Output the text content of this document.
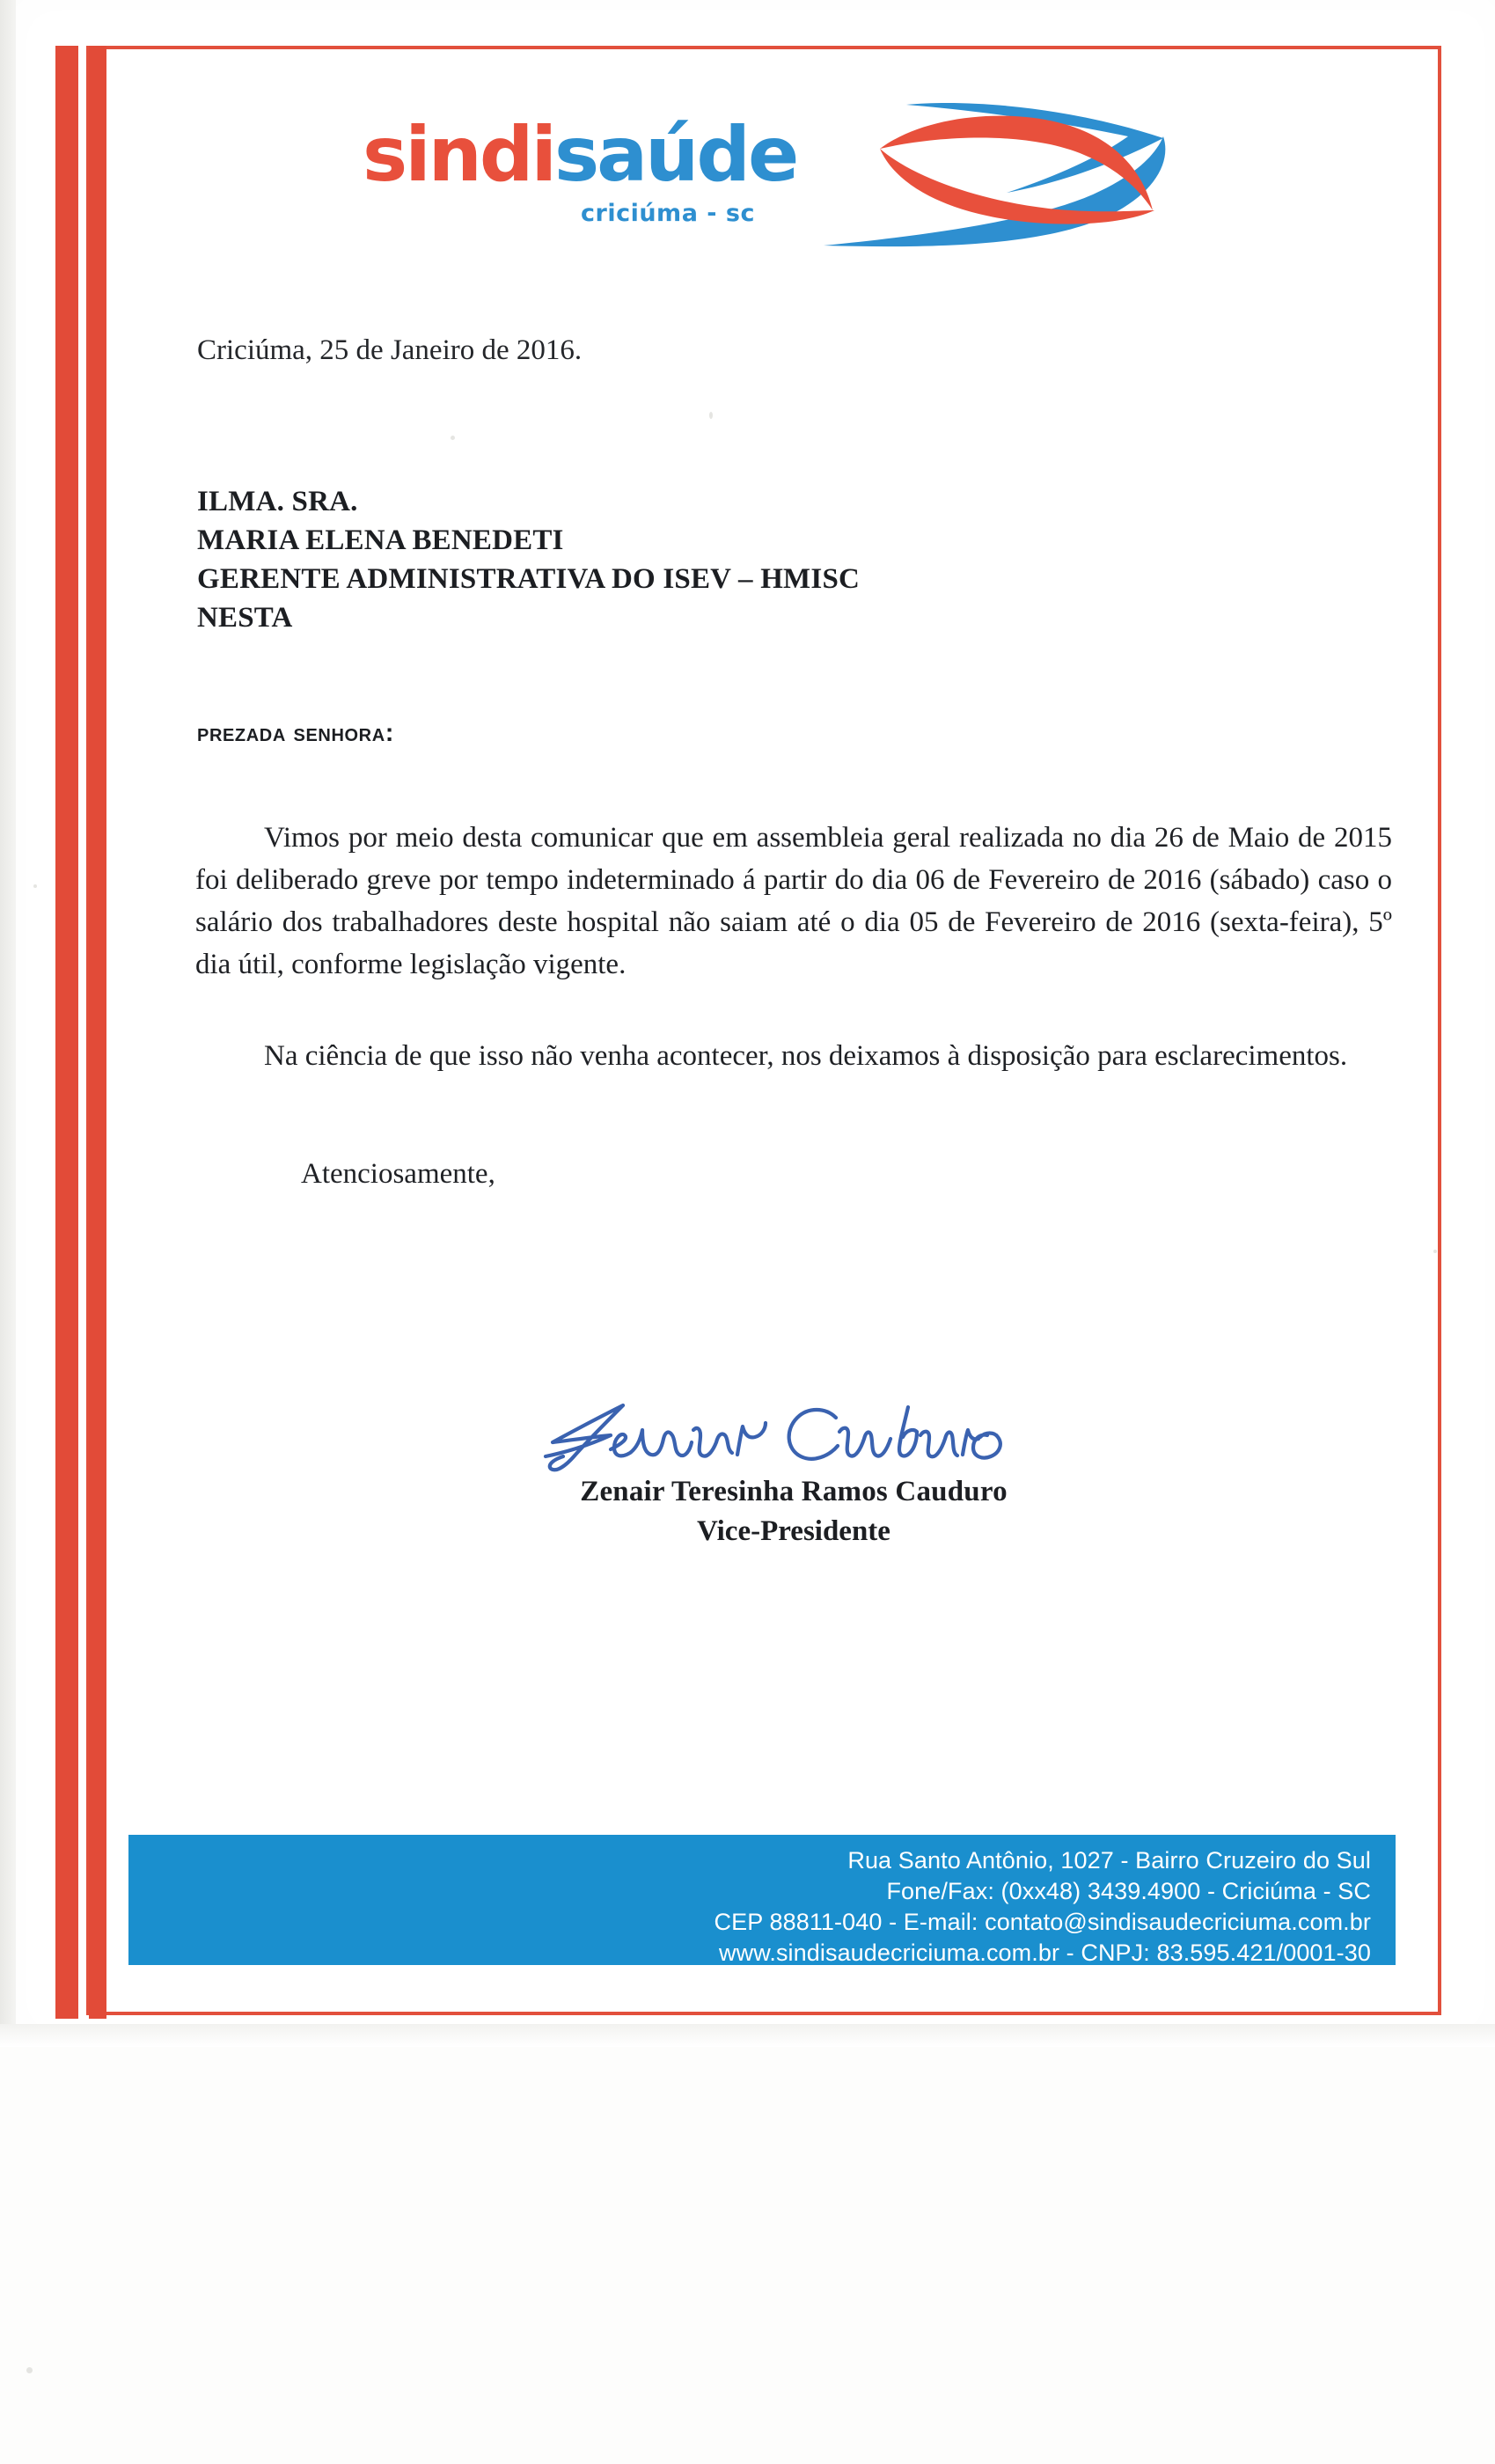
sindisaúde
criciúma - sc

Criciúma, 25 de Janeiro de 2016.

ILMA. SRA.
MARIA ELENA BENEDETI
GERENTE ADMINISTRATIVA DO ISEV – HMISC
NESTA
prezada senhora:

Vimos por meio desta comunicar que em assembleia geral realizada no dia 26 de Maio de 2015 foi deliberado greve por tempo indeterminado á partir do dia 06 de Fevereiro de 2016 (sábado) caso o salário dos trabalhadores deste hospital não saiam até o dia 05 de Fevereiro de 2016 (sexta-feira), 5º dia útil, conforme legislação vigente.

Na ciência de que isso não venha acontecer, nos deixamos à disposição para esclarecimentos.

Atenciosamente,

Zenair Teresinha Ramos Cauduro
Vice-Presidente
Rua Santo Antônio, 1027 - Bairro Cruzeiro do Sul
Fone/Fax: (0xx48) 3439.4900 - Criciúma - SC
CEP 88811-040 - E-mail: contato@sindisaudecriciuma.com.br
www.sindisaudecriciuma.com.br - CNPJ: 83.595.421/0001-30
